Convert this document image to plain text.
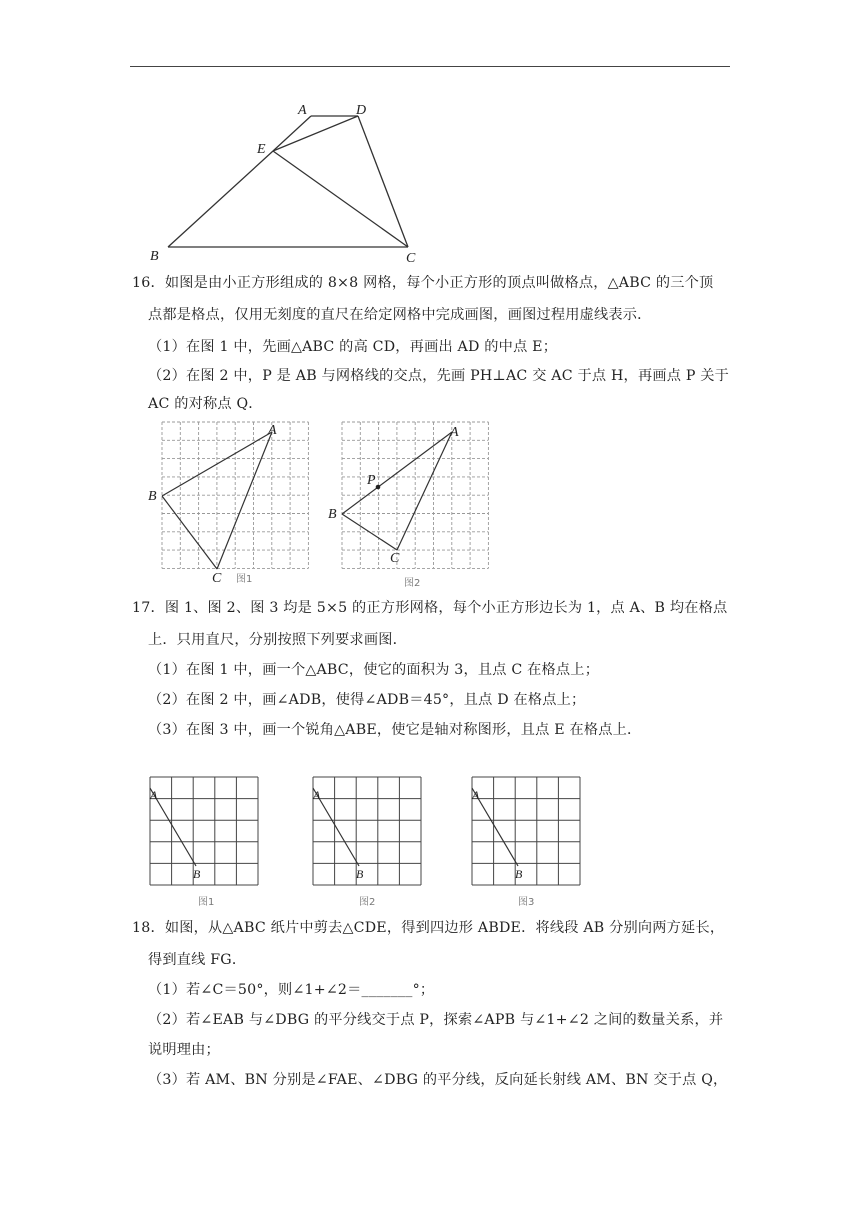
A	D
E
B	C
16．如图是由小正方形组成的 8×8 网格，每个小正方形的顶点叫做格点，△ABC 的三个顶
点都是格点，仅用无刻度的直尺在给定网格中完成画图，画图过程用虚线表示．
（1）在图 1 中，先画△ABC 的高 CD，再画出 AD 的中点 E；
（2）在图 2 中，P 是 AB 与网格线的交点，先画 PH⊥AC 交 AC 于点 H，再画点 P 关于
AC 的对称点 Q．
A
B
C 图1
A
P
B
C
图2
17．图 1、图 2、图 3 均是 5×5 的正方形网格，每个小正方形边长为 1，点 A、B 均在格点
上．只用直尺，分别按照下列要求画图．
（1）在图 1 中，画一个△ABC，使它的面积为 3，且点 C 在格点上；
（2）在图 2 中，画∠ADB，使得∠ADB＝45°，且点 D 在格点上；
（3）在图 3 中，画一个锐角△ABE，使它是轴对称图形，且点 E 在格点上．
A
B
图1
A
B
图2
A
B
图3
18．如图，从△ABC 纸片中剪去△CDE，得到四边形 ABDE．将线段 AB 分别向两方延长，
得到直线 FG．
（1）若∠C＝50°，则∠1+∠2＝_______°；
（2）若∠EAB 与∠DBG 的平分线交于点 P，探索∠APB 与∠1+∠2 之间的数量关系，并
说明理由；
（3）若 AM、BN 分别是∠FAE、∠DBG 的平分线，反向延长射线 AM、BN 交于点 Q，
